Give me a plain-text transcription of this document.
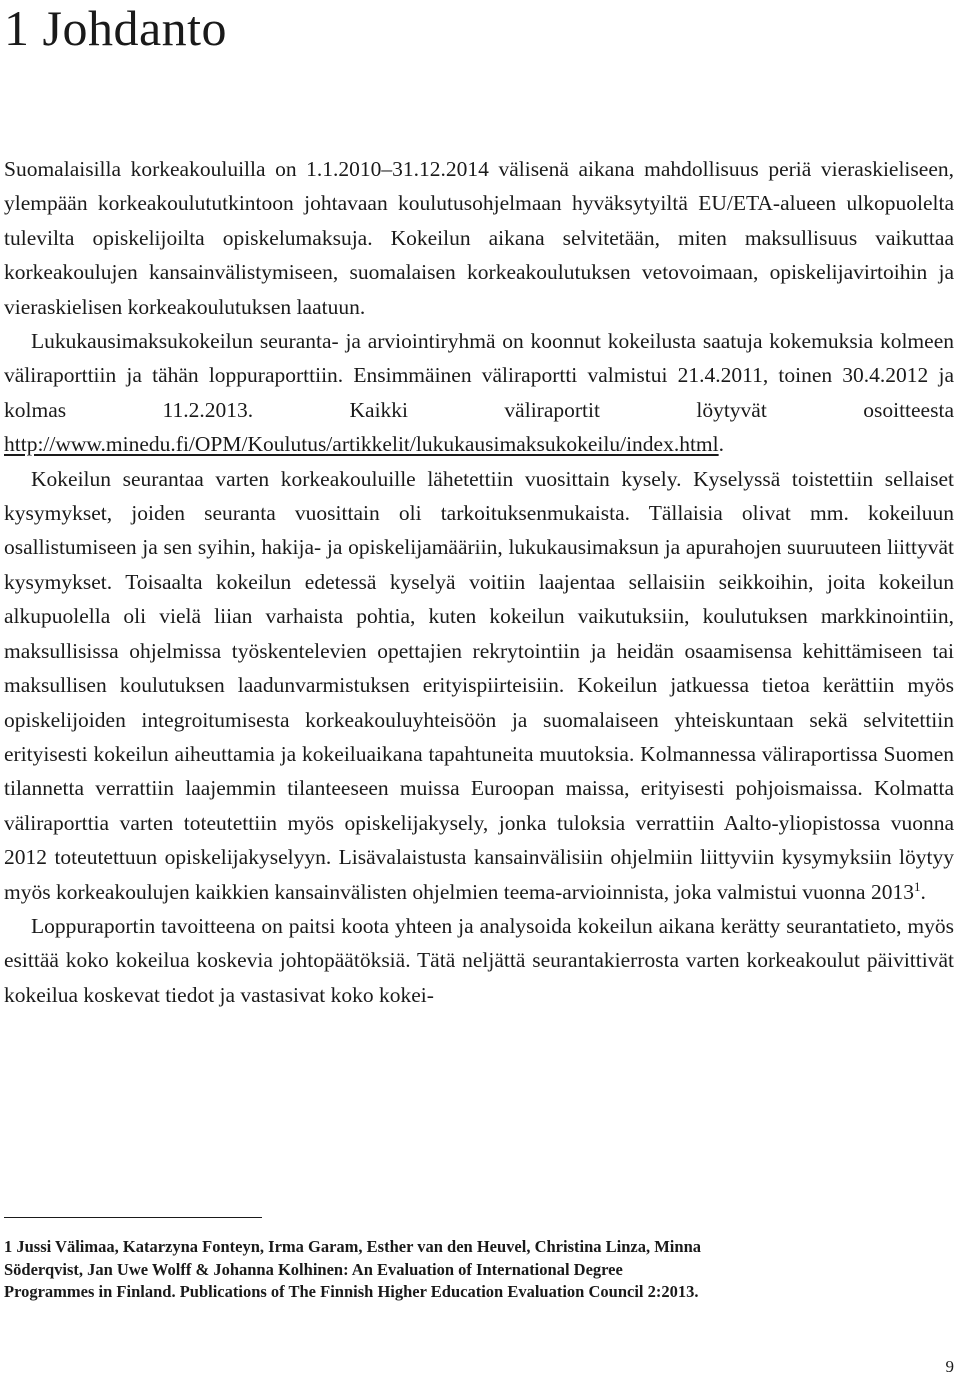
1 Johdanto

Suomalaisilla korkeakouluilla on 1.1.2010–31.12.2014 välisenä aikana mahdollisuus periä vieraskieliseen, ylempään korkeakoulututkintoon johtavaan koulutusohjelmaan hyväksytyiltä EU/ETA-alueen ulkopuolelta tulevilta opiskelijoilta opiskelumaksuja. Kokeilun aikana selvitetään, miten maksullisuus vaikuttaa korkeakoulujen kansainvälistymiseen, suomalaisen korkeakoulutuksen vetovoimaan, opiskelijavirtoihin ja vieraskielisen korkeakoulutuksen laatuun.

Lukukausimaksukokeilun seuranta- ja arviointiryhmä on koonnut kokeilusta saatuja kokemuksia kolmeen väliraporttiin ja tähän loppuraporttiin. Ensimmäinen väliraportti valmistui 21.4.2011, toinen 30.4.2012 ja kolmas 11.2.2013. Kaikki väliraportit löytyvät osoitteesta http://www.minedu.fi/OPM/Koulutus/artikkelit/lukukausimaksukokeilu/index.html.

Kokeilun seurantaa varten korkeakouluille lähetettiin vuosittain kysely. Kyselyssä toistettiin sellaiset kysymykset, joiden seuranta vuosittain oli tarkoituksenmukaista. Tällaisia olivat mm. kokeiluun osallistumiseen ja sen syihin, hakija- ja opiskelijamääriin, lukukausimaksun ja apurahojen suuruuteen liittyvät kysymykset. Toisaalta kokeilun edetessä kyselyä voitiin laajentaa sellaisiin seikkoihin, joita kokeilun alkupuolella oli vielä liian varhaista pohtia, kuten kokeilun vaikutuksiin, koulutuksen markkinointiin, maksullisissa ohjelmissa työskentelevien opettajien rekrytointiin ja heidän osaamisensa kehittämiseen tai maksullisen koulutuksen laadunvarmistuksen erityispiirteisiin. Kokeilun jatkuessa tietoa kerättiin myös opiskelijoiden integroitumisesta korkeakouluyhteisöön ja suomalaiseen yhteiskuntaan sekä selvitettiin erityisesti kokeilun aiheuttamia ja kokeiluaikana tapahtuneita muutoksia. Kolmannessa väliraportissa Suomen tilannetta verrattiin laajemmin tilanteeseen muissa Euroopan maissa, erityisesti pohjoismaissa. Kolmatta väliraporttia varten toteutettiin myös opiskelijakysely, jonka tuloksia verrattiin Aalto-yliopistossa vuonna 2012 toteutettuun opiskelijakyselyyn. Lisävalaistusta kansainvälisiin ohjelmiin liittyviin kysymyksiin löytyy myös korkeakoulujen kaikkien kansainvälisten ohjelmien teema-arvioinnista, joka valmistui vuonna 2013$^1$.

Loppuraportin tavoitteena on paitsi koota yhteen ja analysoida kokeilun aikana kerätty seurantatieto, myös esittää koko kokeilua koskevia johtopäätöksiä. Tätä neljättä seurantakierrosta varten korkeakoulut päivittivät kokeilua koskevat tiedot ja vastasivat koko kokei-

1 Jussi Välimaa, Katarzyna Fonteyn, Irma Garam, Esther van den Heuvel, Christina Linza, Minna Söderqvist, Jan Uwe Wolff & Johanna Kolhinen: An Evaluation of International Degree Programmes in Finland. Publications of The Finnish Higher Education Evaluation Council 2:2013.

9
